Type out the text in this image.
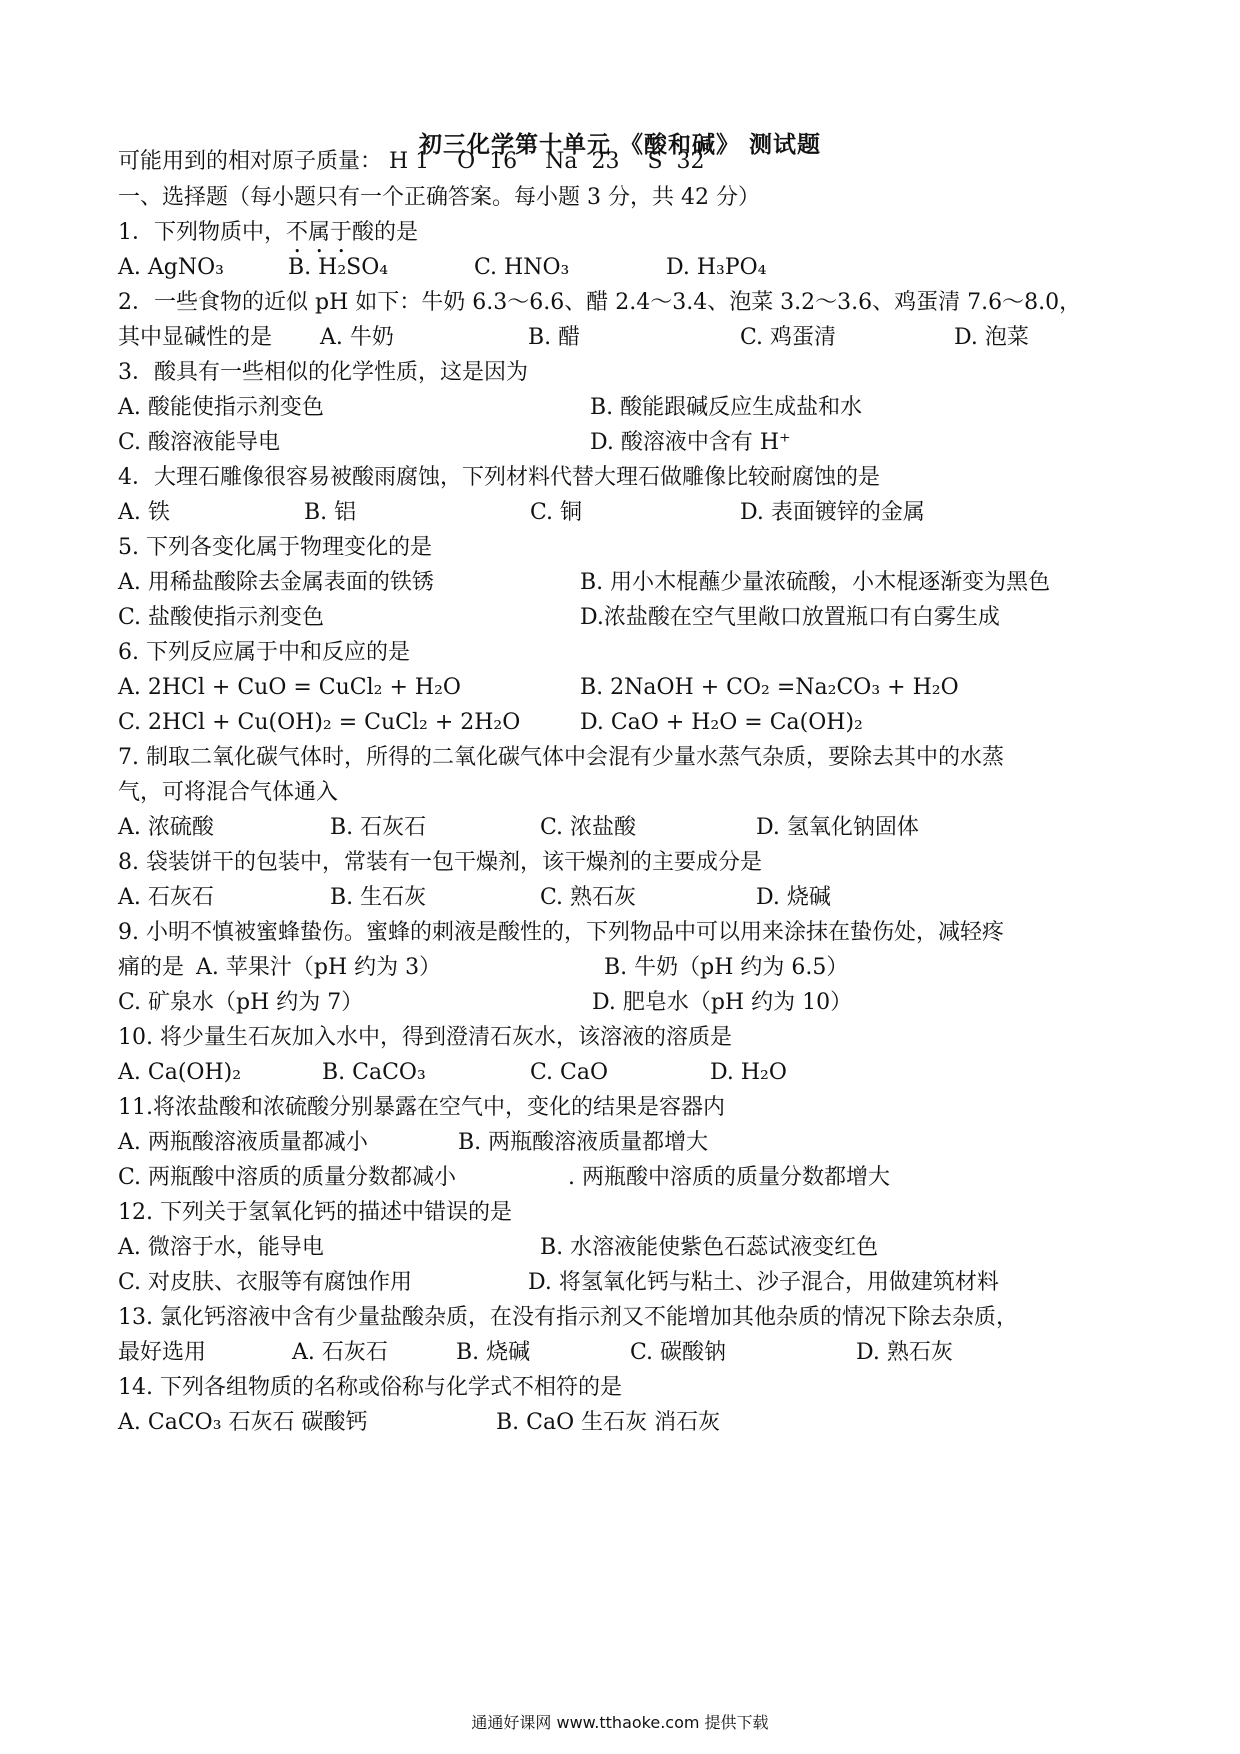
初三化学第十单元 《酸和碱》 测试题
可能用到的相对原子质量： H 1    O  16    Na  23    S  32
一、选择题（每小题只有一个正确答案。每小题 3 分，共 42 分）
1．下列物质中，不属于酸的是
A. AgNO₃	B. H₂SO₄	C. HNO₃	D. H₃PO₄
2．一些食物的近似 pH 如下：牛奶 6.3～6.6、醋 2.4～3.4、泡菜 3.2～3.6、鸡蛋清 7.6～8.0，
其中显碱性的是 A. 牛奶	B. 醋	C. 鸡蛋清	D. 泡菜
3．酸具有一些相似的化学性质，这是因为
A. 酸能使指示剂变色	B. 酸能跟碱反应生成盐和水
C. 酸溶液能导电	D. 酸溶液中含有 H⁺
4．大理石雕像很容易被酸雨腐蚀，下列材料代替大理石做雕像比较耐腐蚀的是
A. 铁	B. 铝	C. 铜	D. 表面镀锌的金属
5. 下列各变化属于物理变化的是
A. 用稀盐酸除去金属表面的铁锈	B. 用小木棍蘸少量浓硫酸，小木棍逐渐变为黑色
C. 盐酸使指示剂变色	D.浓盐酸在空气里敞口放置瓶口有白雾生成
6. 下列反应属于中和反应的是
A. 2HCl + CuO = CuCl₂ + H₂O	B. 2NaOH + CO₂ =Na₂CO₃ + H₂O
C. 2HCl + Cu(OH)₂ = CuCl₂ + 2H₂O	D. CaO + H₂O = Ca(OH)₂
7. 制取二氧化碳气体时，所得的二氧化碳气体中会混有少量水蒸气杂质，要除去其中的水蒸
气，可将混合气体通入
A. 浓硫酸	B. 石灰石	C. 浓盐酸	D. 氢氧化钠固体
8. 袋装饼干的包装中，常装有一包干燥剂，该干燥剂的主要成分是
A. 石灰石	B. 生石灰	C. 熟石灰	D. 烧碱
9. 小明不慎被蜜蜂蛰伤。蜜蜂的刺液是酸性的，下列物品中可以用来涂抹在蛰伤处，减轻疼
痛的是 A. 苹果汁（pH 约为 3）	B. 牛奶（pH 约为 6.5）
C. 矿泉水（pH 约为 7）	D. 肥皂水（pH 约为 10）
10. 将少量生石灰加入水中，得到澄清石灰水，该溶液的溶质是
A. Ca(OH)₂	B. CaCO₃	C. CaO	D. H₂O
11.将浓盐酸和浓硫酸分别暴露在空气中，变化的结果是容器内
A. 两瓶酸溶液质量都减小	B. 两瓶酸溶液质量都增大
C. 两瓶酸中溶质的质量分数都减小	. 两瓶酸中溶质的质量分数都增大
12. 下列关于氢氧化钙的描述中错误的是
A. 微溶于水，能导电	B. 水溶液能使紫色石蕊试液变红色
C. 对皮肤、衣服等有腐蚀作用	D. 将氢氧化钙与粘土、沙子混合，用做建筑材料
13. 氯化钙溶液中含有少量盐酸杂质，在没有指示剂又不能增加其他杂质的情况下除去杂质，
最好选用	A. 石灰石	B. 烧碱	C. 碳酸钠	D. 熟石灰
14. 下列各组物质的名称或俗称与化学式不相符的是
A. CaCO₃ 石灰石 碳酸钙	B. CaO 生石灰 消石灰
通通好课网 www.tthaoke.com 提供下载
